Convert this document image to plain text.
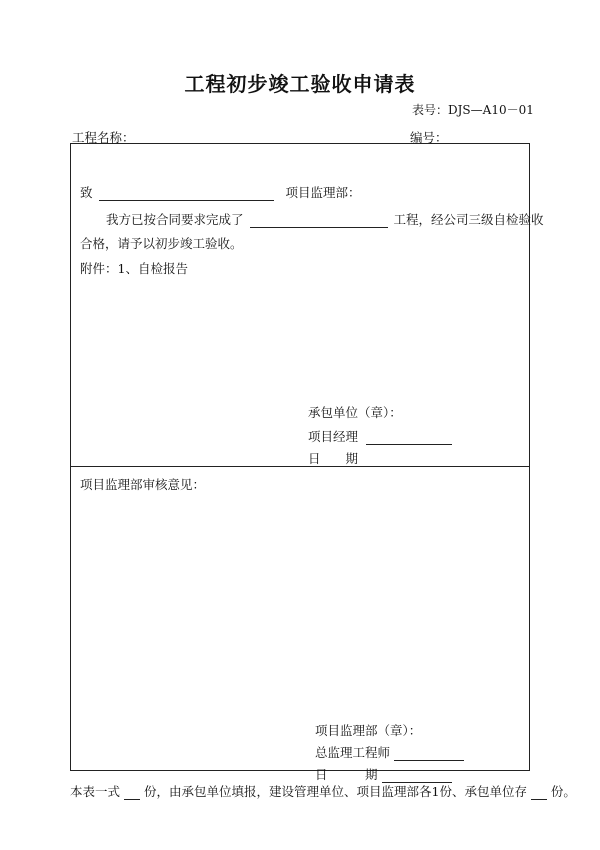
工程初步竣工验收申请表
表号：DJS—A10－01
工程名称：	编号：
致	项目监理部：
我方已按合同要求完成了	工程，经公司三级自检验收
合格，请予以初步竣工验收。
附件：1、自检报告
承包单位（章）：
项目经理
日　　期
项目监理部审核意见：
项目监理部（章）：
总监理工程师
日　　　期
本表一式 份，由承包单位填报，建设管理单位、项目监理部各1份、承包单位存 份。
